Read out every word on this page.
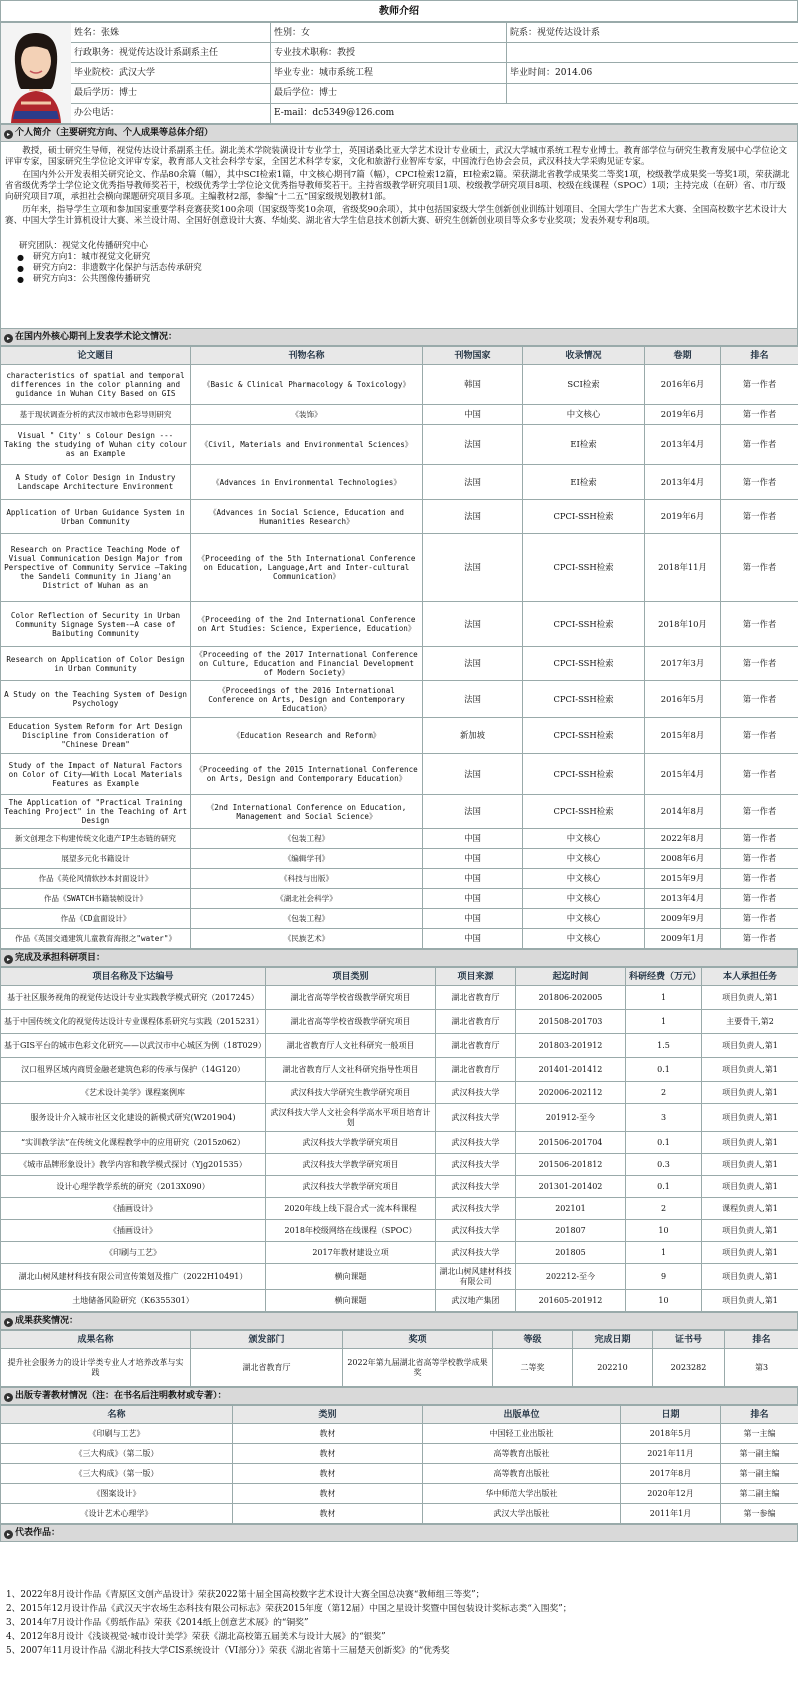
教师介绍
	姓名：张姝	性别：女	院系：视觉传达设计系
	行政职务：视觉传达设计系副系主任	专业技术职称：教授	
	毕业院校：武汉大学	毕业专业：城市系统工程	毕业时间：2014.06
	最后学历：博士	最后学位：博士	
	办公电话：	E-mail：dc5349@126.com	
▸ 个人简介（主要研究方向、个人成果等总体介绍）

教授，硕士研究生导师，视觉传达设计系副系主任。湖北美术学院装潢设计专业学士，英国诺桑比亚大学艺术设计专业硕士，武汉大学城市系统工程专业博士。教育部学位与研究生教育发展中心学位论文评审专家，国家研究生学位论文评审专家，教育部人文社会科学专家，全国艺术科学专家，文化和旅游行业智库专家，中国流行色协会会员，武汉科技大学采购见证专家。

在国内外公开发表相关研究论文、作品80余篇（幅），其中SCI检索1篇，中文核心期刊7篇（幅），CPCI检索12篇，EI检索2篇。荣获湖北省教学成果奖二等奖1项，校级教学成果奖一等奖1项，荣获湖北省省级优秀学士学位论文优秀指导教师奖若干，校级优秀学士学位论文优秀指导教师奖若干。主持省级教学研究项目1项、校级教学研究项目8项、校级在线课程（SPOC）1项；主持完成（在研）省、市厅级向研究项目7项，承担社会横向课题研究项目多项。主编教材2部，参编“十二五”国家级规划教材1部。

历年来，指导学生立项和参加国家重要学科竞赛获奖100余项（国家级等奖10余项，省级奖90余项），其中包括国家级大学生创新创业训练计划项目、全国大学生广告艺术大赛、全国高校数字艺术设计大赛、中国大学生计算机设计大赛、米兰设计周、全国好创意设计大赛、华灿奖、湖北省大学生信息技术创新大赛、研究生创新创业项目等众多专业奖项；发表外观专利8项。

研究团队：视觉文化传播研究中心
● 研究方向1：城市视觉文化研究
● 研究方向2：非遗数字化保护与活态传承研究
● 研究方向3：公共图像传播研究
▸ 在国内外核心期刊上发表学术论文情况：
论文题目	刊物名称	刊物国家	收录情况	卷期	排名
characteristics of spatial and temporal differences in the color planning and guidance in Wuhan City Based on GIS	《Basic & Clinical Pharmacology & Toxicology》	韩国	SCI检索	2016年6月	第一作者
基于现状调查分析的武汉市城市色彩导则研究	《装饰》	中国	中文核心	2019年6月	第一作者
Visual " City' s Colour Design --- Taking the studying of Wuhan city colour as an Example	《Civil, Materials and Environmental Sciences》	法国	EI检索	2013年4月	第一作者
A Study of Color Design in Industry Landscape Architecture Environment	《Advances in Environmental Technologies》	法国	EI检索	2013年4月	第一作者
Application of Urban Guidance System in Urban Community	《Advances in Social Science, Education and Humanities Research》	法国	CPCI-SSH检索	2019年6月	第一作者
Research on Practice Teaching Mode of Visual Communication Design Major from Perspective of Community Service —Taking the Sandeli Community in Jiang'an District of Wuhan as an	《Proceeding of the 5th International Conference on Education, Language,Art and Inter-cultural Communication》	法国	CPCI-SSH检索	2018年11月	第一作者
Color Reflection of Security in Urban Community Signage System-—A case of Baibuting Community	《Proceeding of the 2nd International Conference on Art Studies: Science, Experience, Education》	法国	CPCI-SSH检索	2018年10月	第一作者
Research on Application of Color Design in Urban Community	《Proceeding of the 2017 International Conference on Culture, Education and Financial Development of Modern Society》	法国	CPCI-SSH检索	2017年3月	第一作者
A Study on the Teaching System of Design Psychology	《Proceedings of the 2016 International Conference on Arts, Design and Contemporary Education》	法国	CPCI-SSH检索	2016年5月	第一作者
Education System Reform for Art Design Discipline from Consideration of "Chinese Dream"	《Education Research and Reform》	新加坡	CPCI-SSH检索	2015年8月	第一作者
Study of the Impact of Natural Factors on Color of City——With Local Materials Features as Example	《Proceeding of the 2015 International Conference on Arts, Design and Contemporary Education》	法国	CPCI-SSH检索	2015年4月	第一作者
The Application of "Practical Training Teaching Project" in the Teaching of Art Design	《2nd International Conference on Education, Management and Social Science》	法国	CPCI-SSH检索	2014年8月	第一作者
新文创理念下构建传统文化遗产IP生态链的研究	《包装工程》	中国	中文核心	2022年8月	第一作者
展望多元化书籍设计	《编辑学刊》	中国	中文核心	2008年6月	第一作者
作品《英伦风情软抄本封面设计》	《科技与出版》	中国	中文核心	2015年9月	第一作者
作品《SWATCH书籍装帧设计》	《湖北社会科学》	中国	中文核心	2013年4月	第一作者
作品《CD盒面设计》	《包装工程》	中国	中文核心	2009年9月	第一作者
作品《英国交通建筑儿童教育海报之"water"》	《民族艺术》	中国	中文核心	2009年1月	第一作者
▸ 完成及承担科研项目：
项目名称及下达编号	项目类别	项目来源	起迄时间	科研经费（万元）	本人承担任务
基于社区服务视角的视觉传达设计专业实践教学模式研究（2017245）	湖北省高等学校省级教学研究项目	湖北省教育厅	201806-202005	1	项目负责人,第1
基于中国传统文化的视觉传达设计专业课程体系研究与实践（2015231）	湖北省高等学校省级教学研究项目	湖北省教育厅	201508-201703	1	主要骨干,第2
基于GIS平台的城市色彩文化研究——以武汉市中心城区为例（18T029）	湖北省教育厅人文社科研究一般项目	湖北省教育厅	201803-201912	1.5	项目负责人,第1
汉口租界区域内商贸金融老建筑色彩的传承与保护（14G120）	湖北省教育厅人文社科研究指导性项目	湖北省教育厅	201401-201412	0.1	项目负责人,第1
《艺术设计美学》课程案例库	武汉科技大学研究生教学研究项目	武汉科技大学	202006-202112	2	项目负责人,第1
服务设计介入城市社区文化建设的新模式研究(W201904)	武汉科技大学人文社会科学高水平项目培育计划	武汉科技大学	201912-至今	3	项目负责人,第1
“实训教学法”在传统文化课程教学中的应用研究（2015z062）	武汉科技大学教学研究项目	武汉科技大学	201506-201704	0.1	项目负责人,第1
《城市品牌形象设计》教学内容和教学模式探讨（Yjg201535）	武汉科技大学教学研究项目	武汉科技大学	201506-201812	0.3	项目负责人,第1
设计心理学教学系统的研究（2013X090）	武汉科技大学教学研究项目	武汉科技大学	201301-201402	0.1	项目负责人,第1
《插画设计》	2020年线上线下混合式一流本科课程	武汉科技大学	202101	2	课程负责人,第1
《插画设计》	2018年校级网络在线课程（SPOC）	武汉科技大学	201807	10	项目负责人,第1
《印刷与工艺》	2017年教材建设立项	武汉科技大学	201805	1	项目负责人,第1
湖北山树风建材科技有限公司宣传策划及推广（2022H10491）	横向课题	湖北山树风建材科技有限公司	202212-至今	9	项目负责人,第1
土地储备风险研究（K6355301）	横向课题	武汉地产集团	201605-201912	10	项目负责人,第1
▸ 成果获奖情况：
成果名称	颁发部门	奖项	等级	完成日期	证书号	排名
提升社会服务力的设计学类专业人才培养改革与实践	湖北省教育厅	2022年第九届湖北省高等学校教学成果奖	二等奖	202210	2023282	第3
▸ 出版专著教材情况（注：在书名后注明教材或专著）：
名称	类别	出版单位	日期	排名
《印刷与工艺》	教材	中国轻工业出版社	2018年5月	第一主编
《三大构成》（第二版）	教材	高等教育出版社	2021年11月	第一副主编
《三大构成》（第一版）	教材	高等教育出版社	2017年8月	第一副主编
《图案设计》	教材	华中师范大学出版社	2020年12月	第二副主编
《设计艺术心理学》	教材	武汉大学出版社	2011年1月	第一参编
▸ 代表作品：
1、2022年8月设计作品《青原区文创产品设计》荣获2022第十届全国高校数字艺术设计大赛全国总决赛“教师组三等奖”；
2、2015年12月设计作品《武汉天宇农场生态科技有限公司标志》荣获2015年度（第12届）中国之星设计奖暨中国包装设计奖标志类“入围奖”；
3、2014年7月设计作品《剪纸作品》荣获《2014纸上创意艺术展》的“铜奖”
4、2012年8月设计《浅谈视觉·城市设计美学》荣获《湖北高校第五届美术与设计大展》的“银奖”
5、2007年11月设计作品《湖北科技大学CIS系统设计（VI部分）》荣获《湖北省第十三届楚天创新奖》的“优秀奖
